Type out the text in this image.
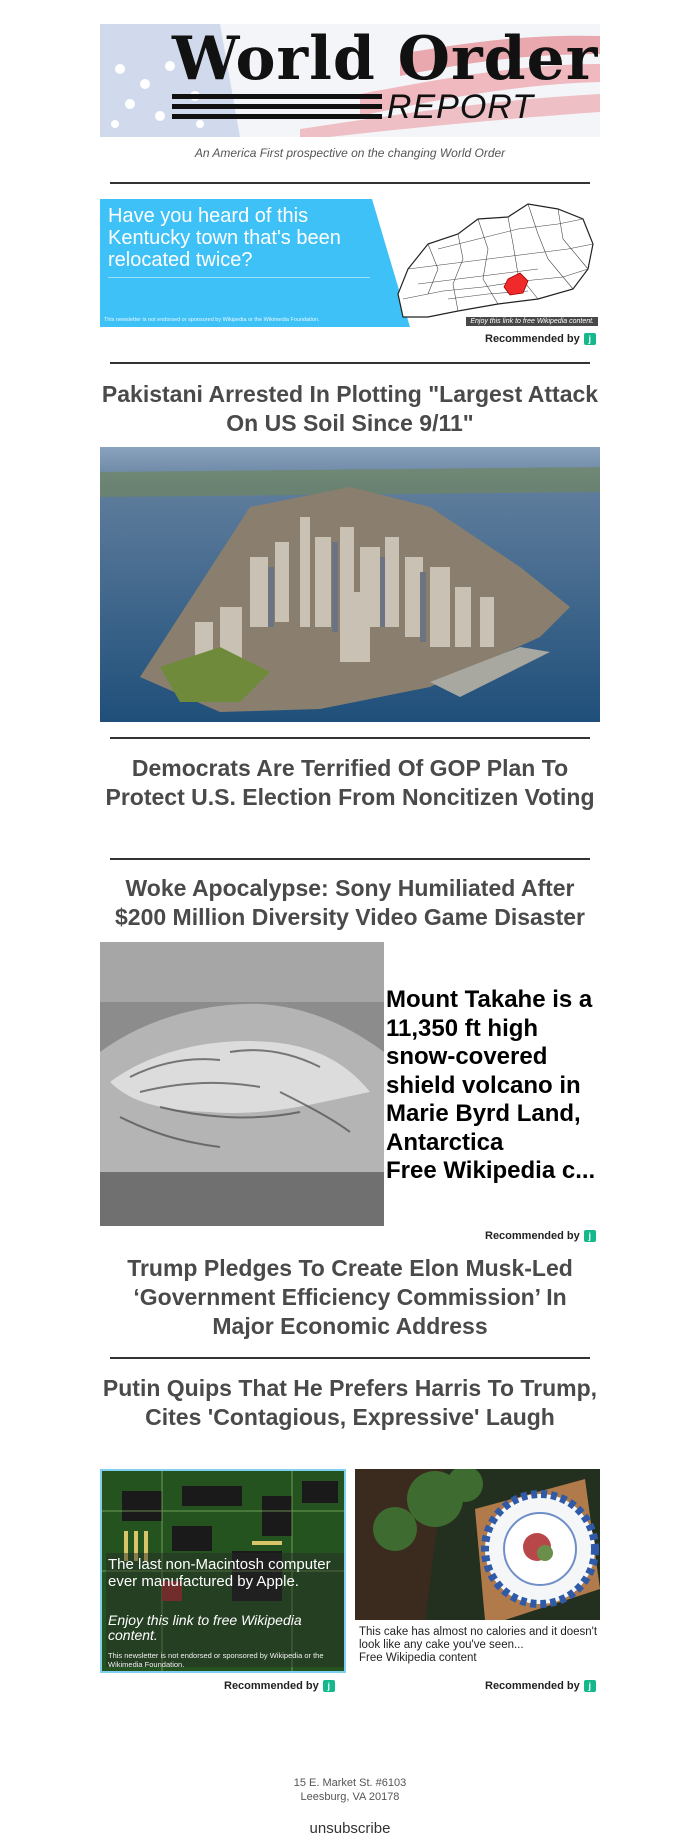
World Order
REPORT
An America First prospective on the changing World Order
Have you heard of this Kentucky town that's been relocated twice?
This newsletter is not endorsed or sponsored by Wikipedia or the Wikimedia Foundation.	Enjoy this link to free Wikipedia content.
Recommended by j
Pakistani Arrested In Plotting "Largest Attack On US Soil Since 9/11"
Democrats Are Terrified Of GOP Plan To Protect U.S. Election From Noncitizen Voting
Woke Apocalypse: Sony Humiliated After $200 Million Diversity Video Game Disaster
Mount Takahe is a 11,350 ft high snow-covered shield volcano in Marie Byrd Land, Antarctica
Free Wikipedia c...
Recommended by j
Trump Pledges To Create Elon Musk-Led ‘Government Efficiency Commission’ In Major Economic Address
Putin Quips That He Prefers Harris To Trump, Cites 'Contagious, Expressive' Laugh
The last non-Macintosh computer ever manufactured by Apple.
Enjoy this link to free Wikipedia content.
This newsletter is not endorsed or sponsored by Wikipedia or the Wikimedia Foundation.
Recommended by j
This cake has almost no calories and it doesn't look like any cake you've seen...
Free Wikipedia content
Recommended by j
15 E. Market St. #6103
Leesburg, VA 20178
unsubscribe
